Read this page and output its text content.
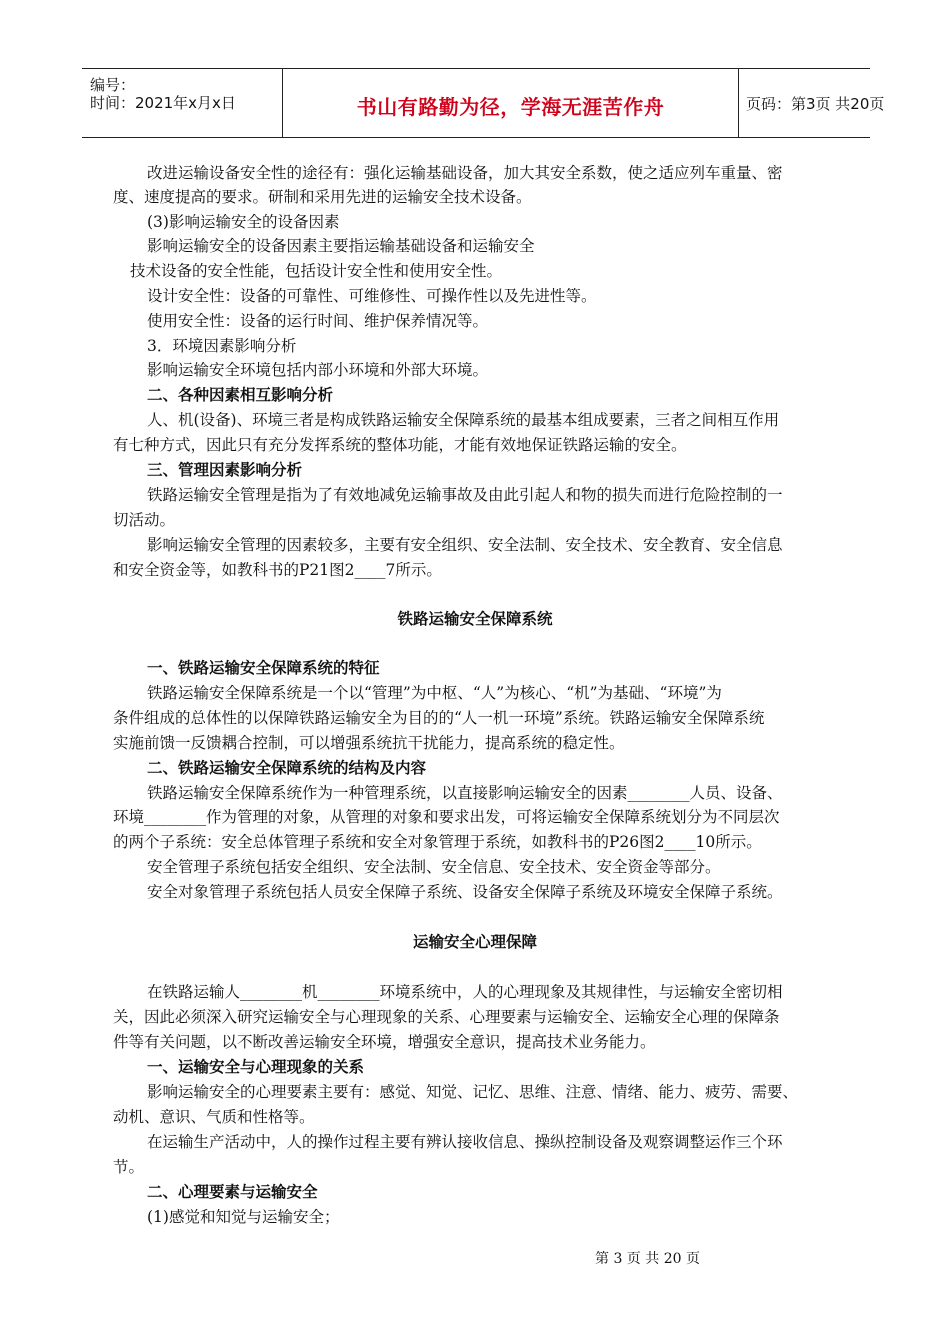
编号：
时间：2021年x月x日	书山有路勤为径，学海无涯苦作舟	页码：第3页 共20页
改进运输设备安全性的途径有：强化运输基础设备，加大其安全系数，使之适应列车重量、密
度、速度提高的要求。研制和采用先进的运输安全技术设备。
(3)影响运输安全的设备因素
影响运输安全的设备因素主要指运输基础设备和运输安全
技术设备的安全性能，包括设计安全性和使用安全性。
设计安全性：设备的可靠性、可维修性、可操作性以及先进性等。
使用安全性：设备的运行时间、维护保养情况等。
3．环境因素影响分析
影响运输安全环境包括内部小环境和外部大环境。
二、各种因素相互影响分析
人、机(设备)、环境三者是构成铁路运输安全保障系统的最基本组成要素，三者之间相互作用
有七种方式，因此只有充分发挥系统的整体功能，才能有效地保证铁路运输的安全。
三、管理因素影响分析
铁路运输安全管理是指为了有效地减免运输事故及由此引起人和物的损失而进行危险控制的一
切活动。
影响运输安全管理的因素较多，主要有安全组织、安全法制、安全技术、安全教育、安全信息
和安全资金等，如教科书的P21图2____7所示。
铁路运输安全保障系统
一、铁路运输安全保障系统的特征
铁路运输安全保障系统是一个以“管理”为中枢、“人”为核心、“机”为基础、“环境”为
条件组成的总体性的以保障铁路运输安全为目的的“人一机一环境”系统。铁路运输安全保障系统
实施前馈一反馈耦合控制，可以增强系统抗干扰能力，提高系统的稳定性。
二、铁路运输安全保障系统的结构及内容
铁路运输安全保障系统作为一种管理系统，以直接影响运输安全的因素________人员、设备、
环境________作为管理的对象，从管理的对象和要求出发，可将运输安全保障系统划分为不同层次
的两个子系统：安全总体管理子系统和安全对象管理于系统，如教科书的P26图2____10所示。
安全管理子系统包括安全组织、安全法制、安全信息、安全技术、安全资金等部分。
安全对象管理子系统包括人员安全保障子系统、设备安全保障子系统及环境安全保障子系统。
运输安全心理保障
在铁路运输人________机________环境系统中，人的心理现象及其规律性，与运输安全密切相
关，因此必须深入研究运输安全与心理现象的关系、心理要素与运输安全、运输安全心理的保障条
件等有关问题，以不断改善运输安全环境，增强安全意识，提高技术业务能力。
一、运输安全与心理现象的关系
影响运输安全的心理要素主要有：感觉、知觉、记忆、思维、注意、情绪、能力、疲劳、需要、
动机、意识、气质和性格等。
在运输生产活动中，人的操作过程主要有辨认接收信息、操纵控制设备及观察调整运作三个环
节。
二、心理要素与运输安全
(1)感觉和知觉与运输安全；
第 3 页 共 20 页
